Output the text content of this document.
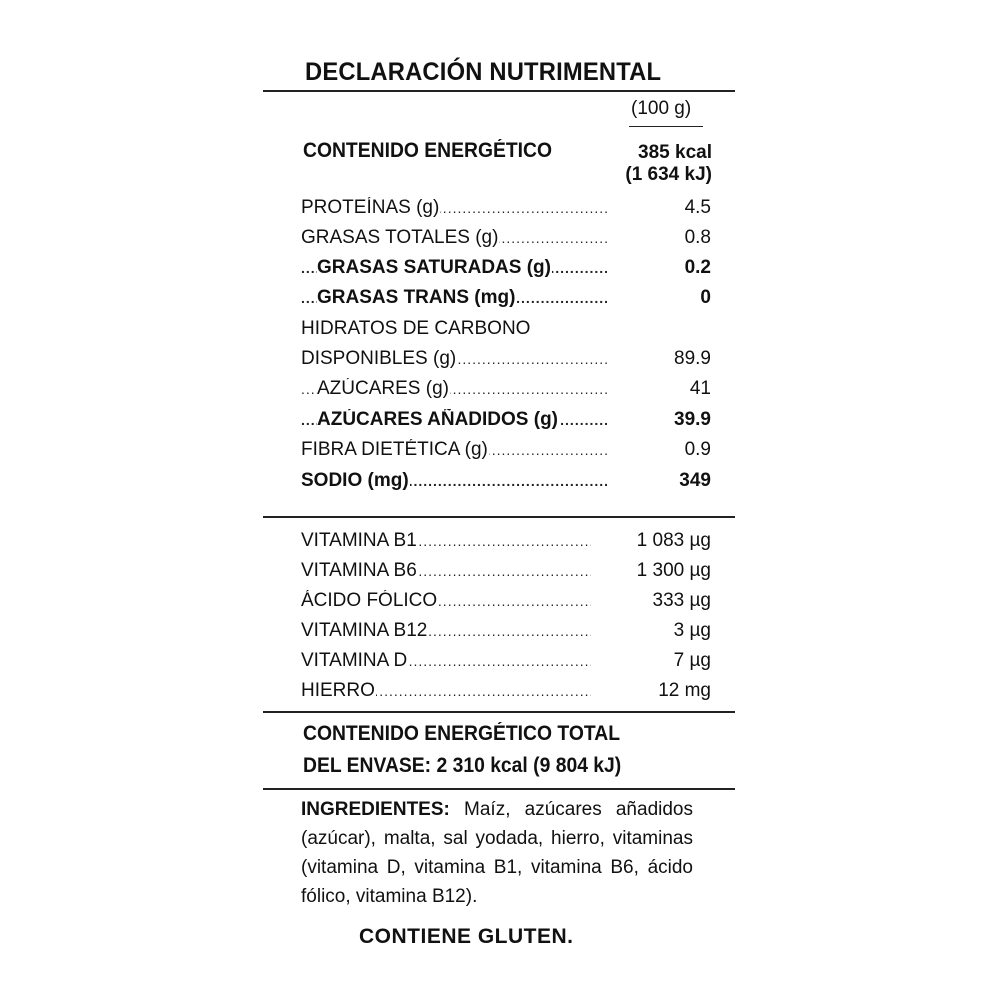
DECLARACIÓN NUTRIMENTAL
(100 g)
CONTENIDO ENERGÉTICO	385 kcal
(1 634 kJ)
PROTEÍNAS (g) .....	4.5
GRASAS TOTALES (g) .....	0.8
GRASAS SATURADAS (g) .....	0.2
GRASAS TRANS (mg) .....	0
HIDRATOS DE CARBONO
DISPONIBLES (g) .....	89.9
AZÚCARES (g) .....	41
AZÚCARES AÑADIDOS (g) .....	39.9
FIBRA DIETÉTICA (g) .....	0.9
SODIO (mg) .....	349
VITAMINA B1 .....	1 083 µg
VITAMINA B6 .....	1 300 µg
ÁCIDO FÓLICO .....	333 µg
VITAMINA B12 .....	3 µg
VITAMINA D .....	7 µg
HIERRO .....	12 mg
CONTENIDO ENERGÉTICO TOTAL
DEL ENVASE: 2 310 kcal (9 804 kJ)
INGREDIENTES: Maíz, azúcares añadidos (azúcar), malta, sal yodada, hierro, vitaminas (vitamina D, vitamina B1, vitamina B6, ácido fólico, vitamina B12).
CONTIENE GLUTEN.
